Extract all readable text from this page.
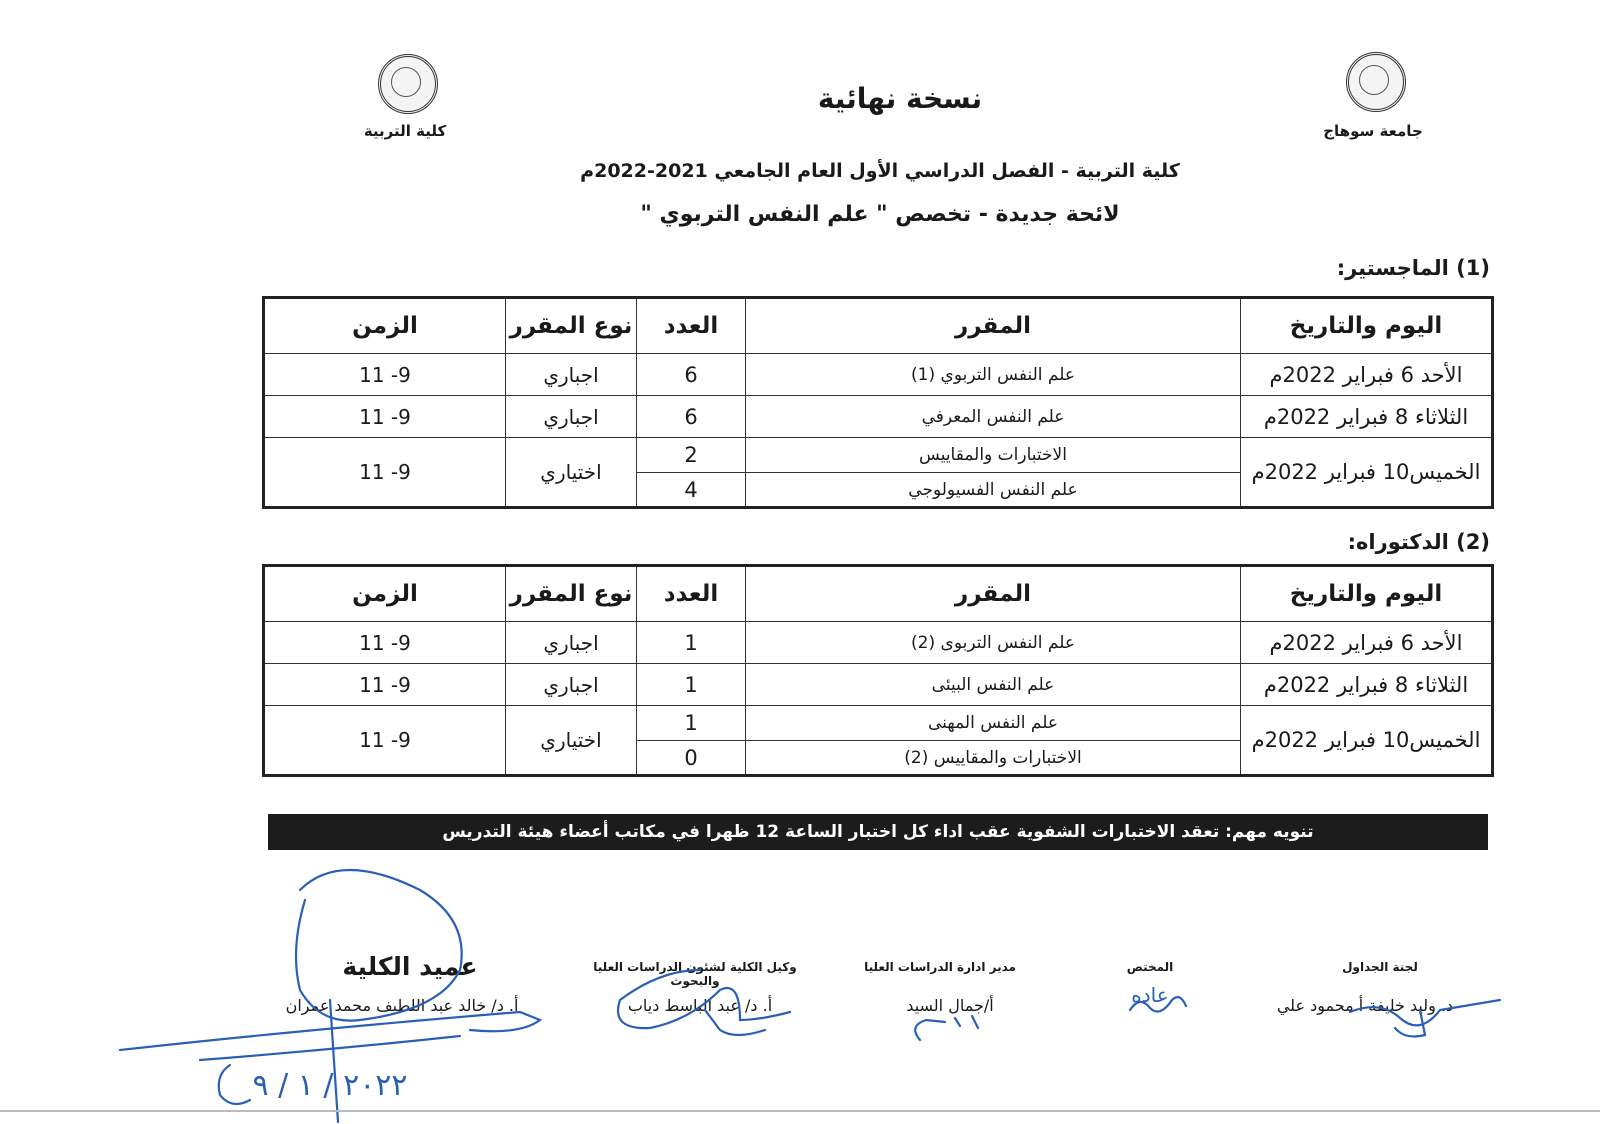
جامعة سوهاج
كلية التربية
نسخة نهائية
كلية التربية - الفصل الدراسي الأول العام الجامعي 2021-2022م
لائحة جديدة - تخصص " علم النفس التربوي "
(1) الماجستير:
اليوم والتاريخ	المقرر	العدد	نوع المقرر	الزمن
الأحد 6 فبراير 2022م	علم النفس التربوي (1)	6	اجباري	9- 11
الثلاثاء 8 فبراير 2022م	علم النفس المعرفي	6	اجباري	9- 11
الخميس10 فبراير 2022م	الاختبارات والمقاييس	2	اختياري	9- 11
	علم النفس الفسيولوجي	4		
(2) الدكتوراه:
اليوم والتاريخ	المقرر	العدد	نوع المقرر	الزمن
الأحد 6 فبراير 2022م	علم النفس التربوى (2)	1	اجباري	9- 11
الثلاثاء 8 فبراير 2022م	علم النفس البيئى	1	اجباري	9- 11
الخميس10 فبراير 2022م	علم النفس المهنى	1	اختياري	9- 11
	الاختبارات والمقاييس (2)	0		
تنويه مهم: تعقد الاختبارات الشفوية عقب اداء كل اختبار الساعة 12 ظهرا في مكاتب أعضاء هيئة التدريس
لجنة الجداول
د. وليد خليفة أ.محمود علي
المختص
مدير ادارة الدراسات العليا
أ/جمال السيد
وكيل الكلية لشئون الدراسات العليا والبحوث
أ. د/ عبد الباسط دياب
عميد الكلية
أ. د/ خالد عبد اللطيف محمد عمران
٢٠٢٢ / ١ / ٩
عاده
